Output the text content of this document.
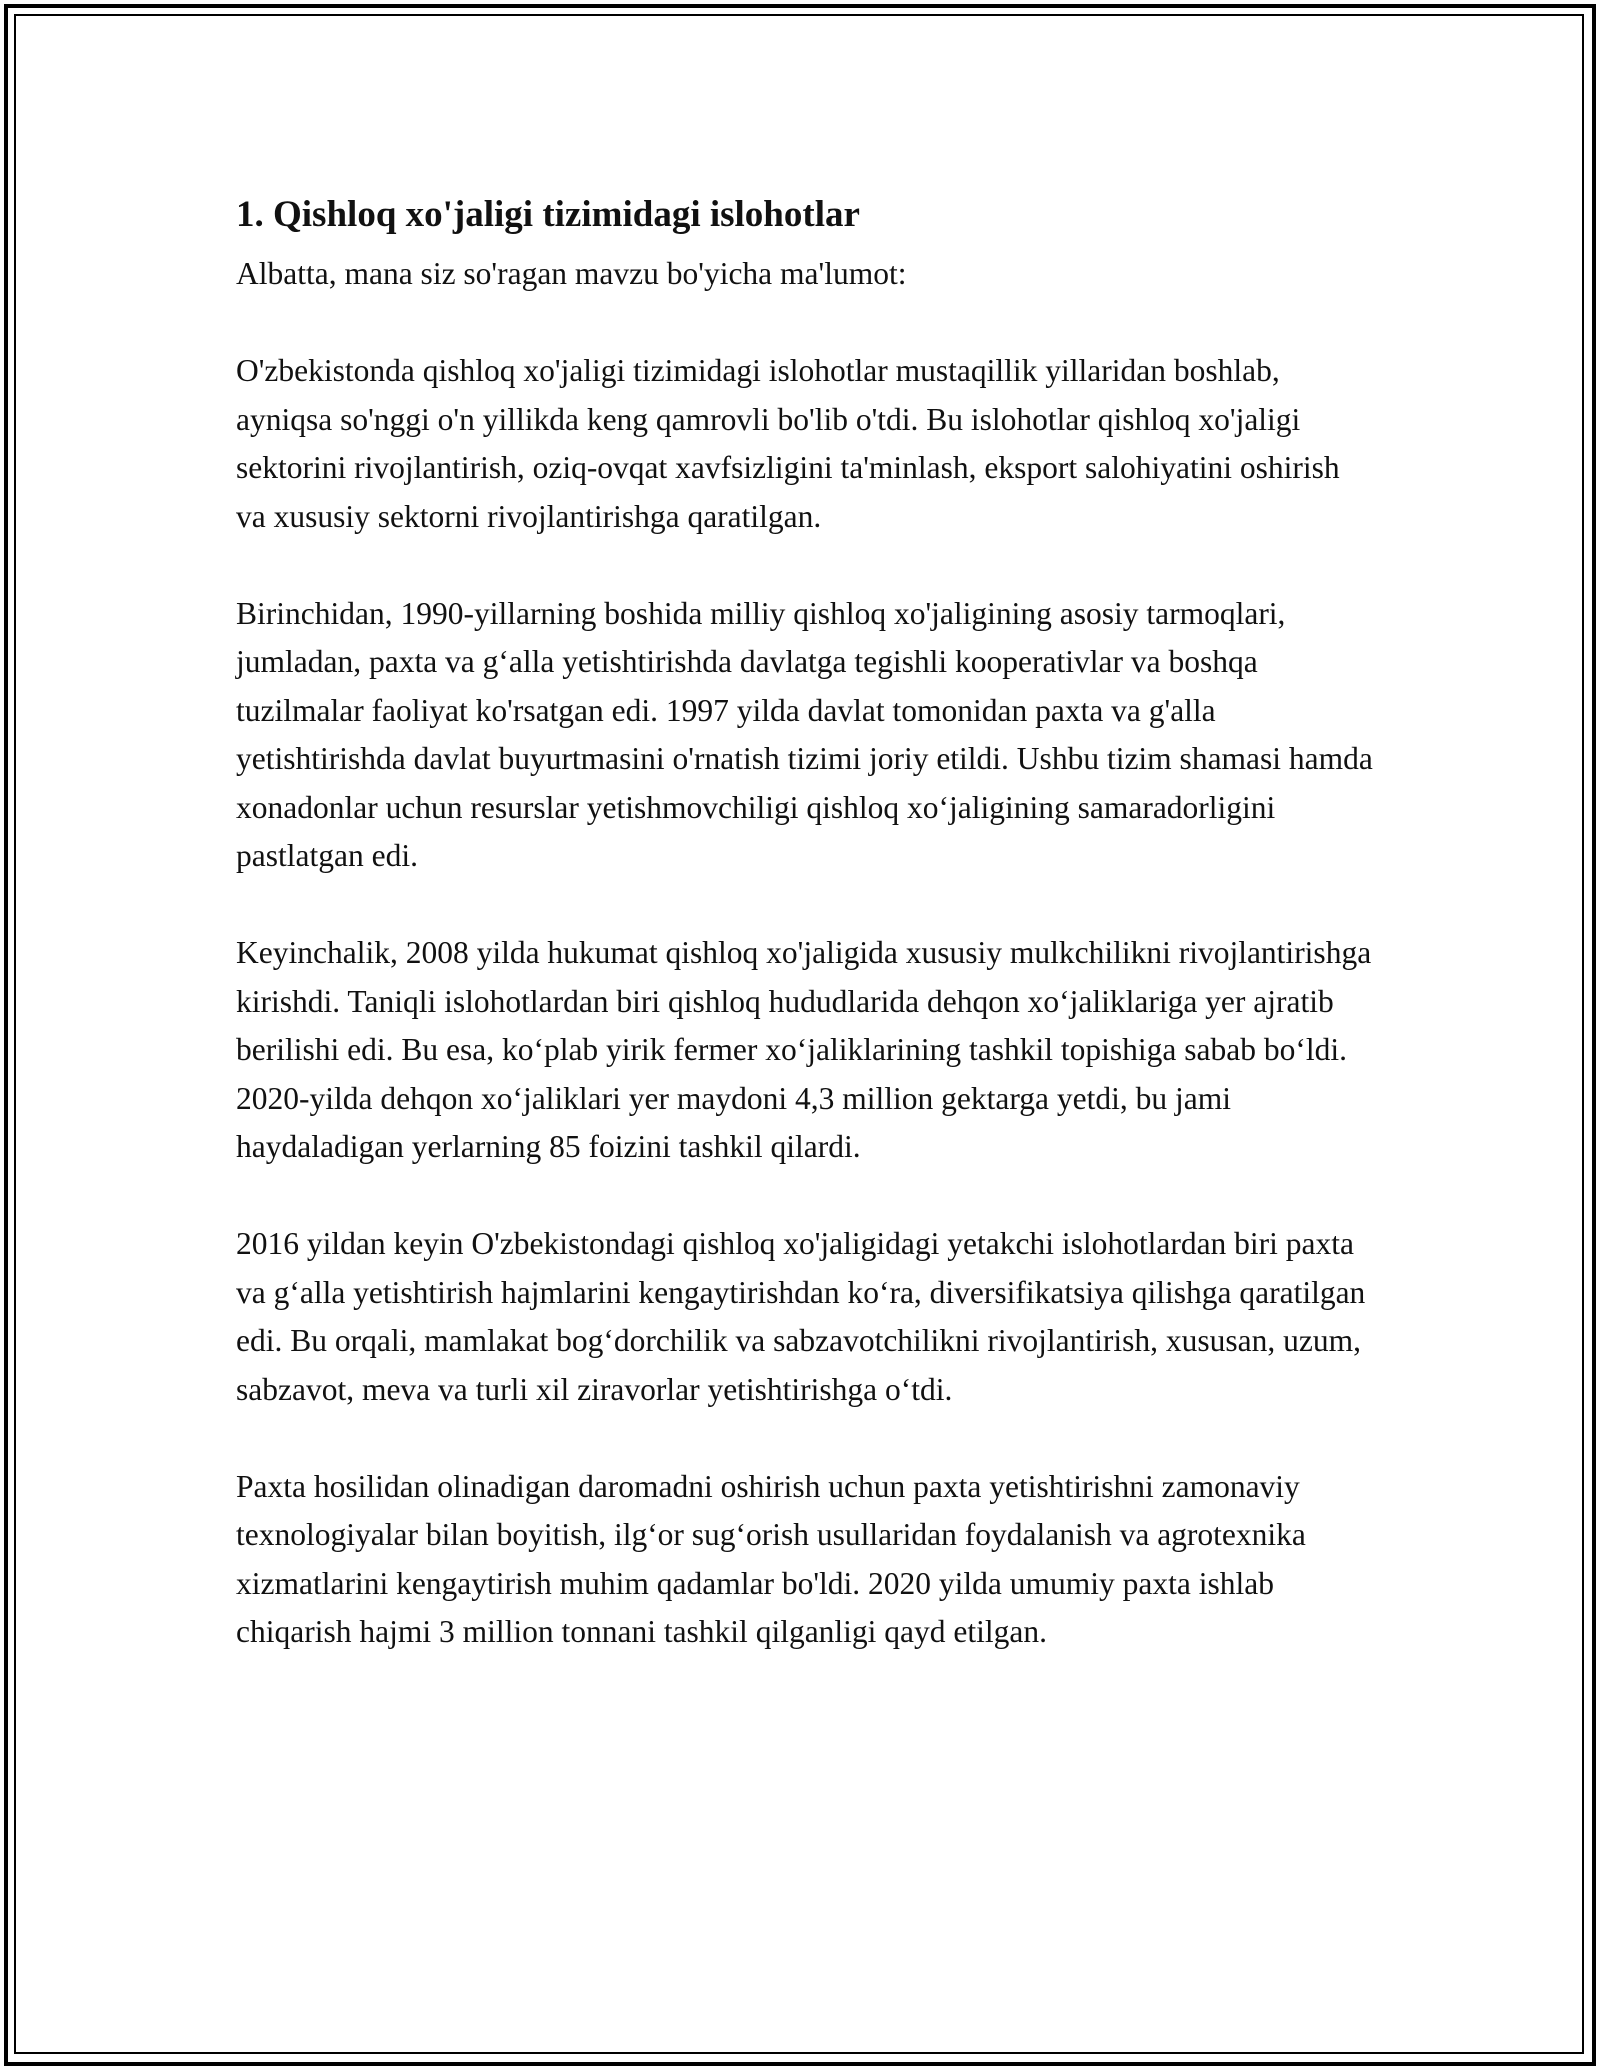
1. Qishloq xo'jaligi tizimidagi islohotlar

Albatta, mana siz so'ragan mavzu bo'yicha ma'lumot:

O'zbekistonda qishloq xo'jaligi tizimidagi islohotlar mustaqillik yillaridan boshlab, ayniqsa so'nggi o'n yillikda keng qamrovli bo'lib o'tdi. Bu islohotlar qishloq xo'jaligi sektorini rivojlantirish, oziq-ovqat xavfsizligini ta'minlash, eksport salohiyatini oshirish va xususiy sektorni rivojlantirishga qaratilgan.

Birinchidan, 1990-yillarning boshida milliy qishloq xo'jaligining asosiy tarmoqlari, jumladan, paxta va g‘alla yetishtirishda davlatga tegishli kooperativlar va boshqa tuzilmalar faoliyat ko'rsatgan edi. 1997 yilda davlat tomonidan paxta va g'alla yetishtirishda davlat buyurtmasini o'rnatish tizimi joriy etildi. Ushbu tizim shamasi hamda xonadonlar uchun resurslar yetishmovchiligi qishloq xo‘jaligining samaradorligini pastlatgan edi.

Keyinchalik, 2008 yilda hukumat qishloq xo'jaligida xususiy mulkchilikni rivojlantirishga kirishdi. Taniqli islohotlardan biri qishloq hududlarida dehqon xo‘jaliklariga yer ajratib berilishi edi. Bu esa, ko‘plab yirik fermer xo‘jaliklarining tashkil topishiga sabab bo‘ldi. 2020-yilda dehqon xo‘jaliklari yer maydoni 4,3 million gektarga yetdi, bu jami haydaladigan yerlarning 85 foizini tashkil qilardi.

2016 yildan keyin O'zbekistondagi qishloq xo'jaligidagi yetakchi islohotlardan biri paxta va g‘alla yetishtirish hajmlarini kengaytirishdan ko‘ra, diversifikatsiya qilishga qaratilgan edi. Bu orqali, mamlakat bog‘dorchilik va sabzavotchilikni rivojlantirish, xususan, uzum, sabzavot, meva va turli xil ziravorlar yetishtirishga o‘tdi.

Paxta hosilidan olinadigan daromadni oshirish uchun paxta yetishtirishni zamonaviy texnologiyalar bilan boyitish, ilg‘or sug‘orish usullaridan foydalanish va agrotexnika xizmatlarini kengaytirish muhim qadamlar bo'ldi. 2020 yilda umumiy paxta ishlab chiqarish hajmi 3 million tonnani tashkil qilganligi qayd etilgan.
